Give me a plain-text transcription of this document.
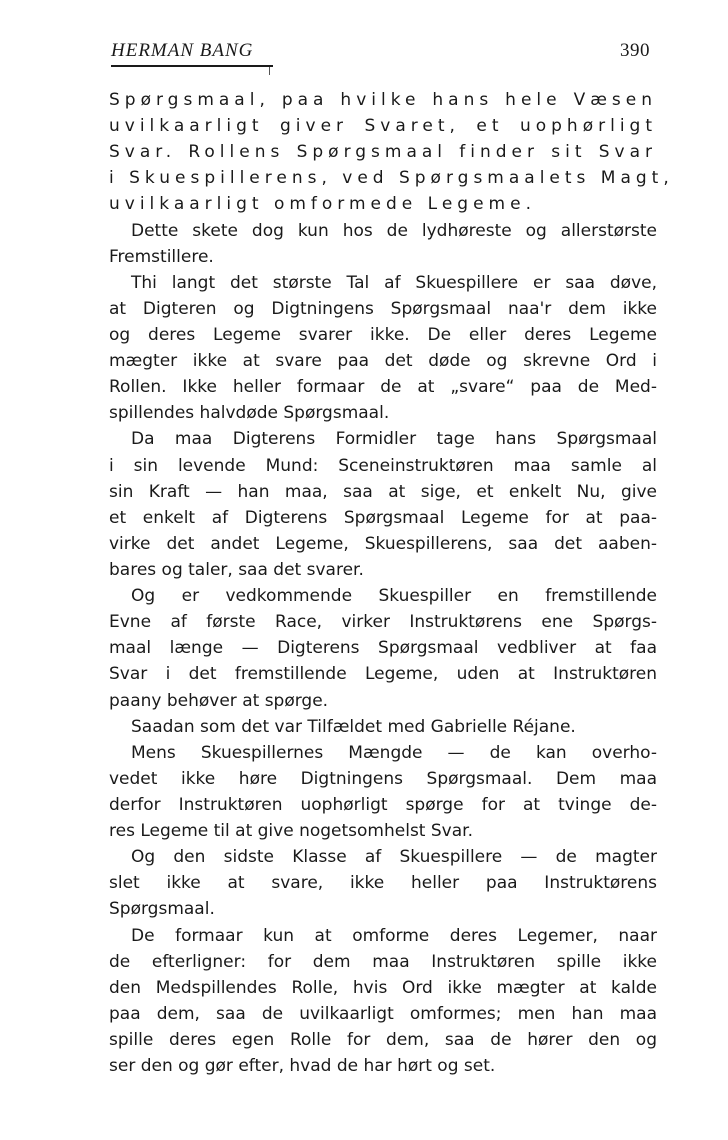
HERMAN BANG	390
Spørgsmaal, paa hvilke hans hele Væsen
uvilkaarligt giver Svaret, et uophørligt
Svar. Rollens Spørgsmaal finder sit Svar
i Skuespillerens, ved Spørgsmaalets Magt,
uvilkaarligt omformede Legeme.
Dette skete dog kun hos de lydhøreste og allerstørste
Fremstillere.
Thi langt det største Tal af Skuespillere er saa døve,
at Digteren og Digtningens Spørgsmaal naa'r dem ikke
og deres Legeme svarer ikke. De eller deres Legeme
mægter ikke at svare paa det døde og skrevne Ord i
Rollen. Ikke heller formaar de at „svare“ paa de Med-
spillendes halvdøde Spørgsmaal.
Da maa Digterens Formidler tage hans Spørgsmaal
i sin levende Mund: Sceneinstruktøren maa samle al
sin Kraft — han maa, saa at sige, et enkelt Nu, give
et enkelt af Digterens Spørgsmaal Legeme for at paa-
virke det andet Legeme, Skuespillerens, saa det aaben-
bares og taler, saa det svarer.
Og er vedkommende Skuespiller en fremstillende
Evne af første Race, virker Instruktørens ene Spørgs-
maal længe — Digterens Spørgsmaal vedbliver at faa
Svar i det fremstillende Legeme, uden at Instruktøren
paany behøver at spørge.
Saadan som det var Tilfældet med Gabrielle Réjane.
Mens Skuespillernes Mængde — de kan overho-
vedet ikke høre Digtningens Spørgsmaal. Dem maa
derfor Instruktøren uophørligt spørge for at tvinge de-
res Legeme til at give nogetsomhelst Svar.
Og den sidste Klasse af Skuespillere — de magter
slet ikke at svare, ikke heller paa Instruktørens
Spørgsmaal.
De formaar kun at omforme deres Legemer, naar
de efterligner: for dem maa Instruktøren spille ikke
den Medspillendes Rolle, hvis Ord ikke mægter at kalde
paa dem, saa de uvilkaarligt omformes; men han maa
spille deres egen Rolle for dem, saa de hører den og
ser den og gør efter, hvad de har hørt og set.
